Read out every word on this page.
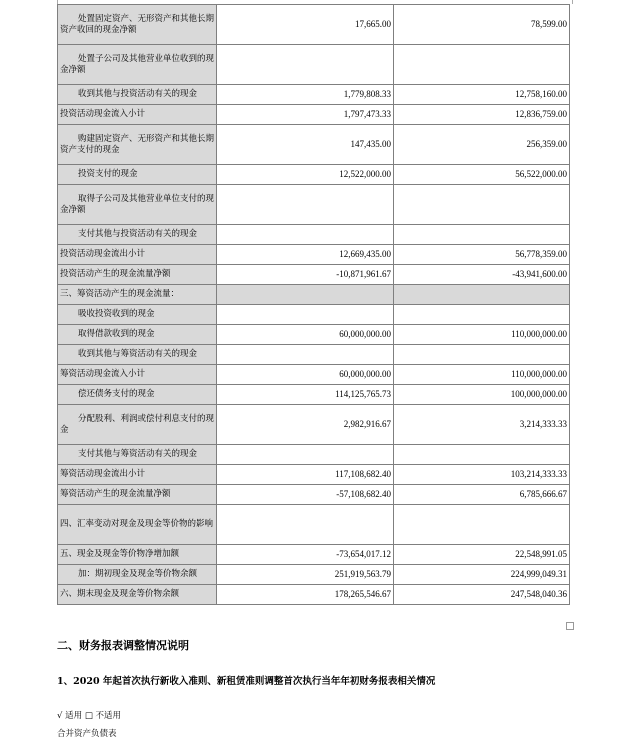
处置固定资产、无形资产和其他长期资产收回的现金净额	17,665.00	78,599.00
处置子公司及其他营业单位收到的现金净额		
收到其他与投资活动有关的现金	1,779,808.33	12,758,160.00
投资活动现金流入小计	1,797,473.33	12,836,759.00
购建固定资产、无形资产和其他长期资产支付的现金	147,435.00	256,359.00
投资支付的现金	12,522,000.00	56,522,000.00
取得子公司及其他营业单位支付的现金净额		
支付其他与投资活动有关的现金		
投资活动现金流出小计	12,669,435.00	56,778,359.00
投资活动产生的现金流量净额	-10,871,961.67	-43,941,600.00
三、筹资活动产生的现金流量：		
吸收投资收到的现金		
取得借款收到的现金	60,000,000.00	110,000,000.00
收到其他与筹资活动有关的现金		
筹资活动现金流入小计	60,000,000.00	110,000,000.00
偿还债务支付的现金	114,125,765.73	100,000,000.00
分配股利、利润或偿付利息支付的现金	2,982,916.67	3,214,333.33
支付其他与筹资活动有关的现金		
筹资活动现金流出小计	117,108,682.40	103,214,333.33
筹资活动产生的现金流量净额	-57,108,682.40	6,785,666.67
四、汇率变动对现金及现金等价物的影响		
五、现金及现金等价物净增加额	-73,654,017.12	22,548,991.05
加：期初现金及现金等价物余额	251,919,563.79	224,999,049.31
六、期末现金及现金等价物余额	178,265,546.67	247,548,040.36
二、财务报表调整情况说明
1、2020 年起首次执行新收入准则、新租赁准则调整首次执行当年年初财务报表相关情况
√ 适用 □ 不适用
合并资产负债表
